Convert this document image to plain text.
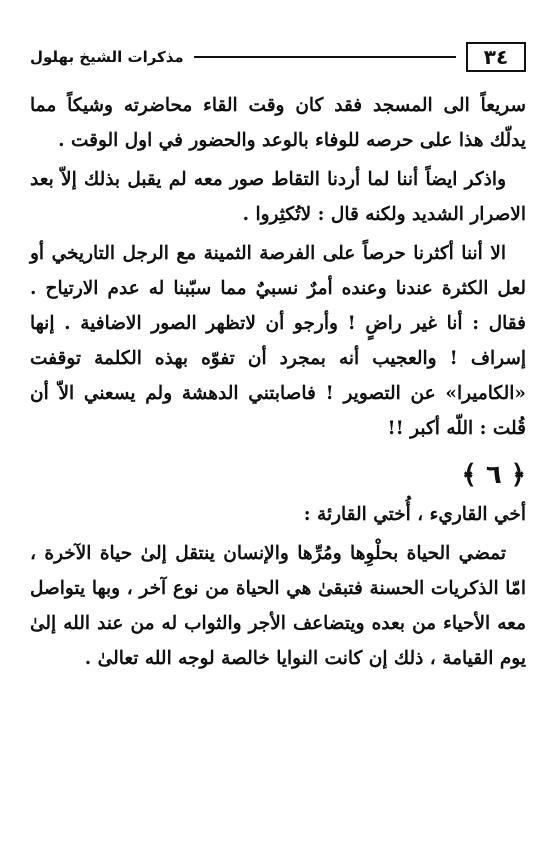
٣٤
مذكرات الشيخ بهلول

سريعاً الى المسجد فقد كان وقت القاء محاضرته وشيكاً مما يدلّك هذا على حرصه للوفاء بالوعد والحضور في اول الوقت .

واذكر ايضاً أننا لما أردنا التقاط صور معه لم يقبل بذلك إلاّ بعد الاصرار الشديد ولكنه قال : لاتُكثِروا .

الا أننا أكثرنا حرصاً على الفرصة الثمينة مع الرجل التاريخي أو لعل الكثرة عندنا وعنده أمرٌ نسبيٌ مما سبّبنا له عدم الارتياح . فقال : أنا غير راضٍ ! وأرجو أن لاتظهر الصور الاضافية . إنها إسراف ! والعجيب أنه بمجرد أن تفوّه بهذه الكلمة توقفت «الكاميرا» عن التصوير ! فاصابتني الدهشة ولم يسعني الاّ أن قُلت : اللّه أكبر !!

﴿ ٦ ﴾

أخي القاريء ، أُختي القارئة :

تمضي الحياة بحلْوِها ومُرِّها والإنسان ينتقل إلىٰ حياة الآخرة ، امّا الذكريات الحسنة فتبقىٰ هي الحياة من نوع آخر ، وبها يتواصل معه الأحياء من بعده ويتضاعف الأجر والثواب له من عند الله إلىٰ يوم القيامة ، ذلك إن كانت النوايا خالصة لوجه الله تعالىٰ .
